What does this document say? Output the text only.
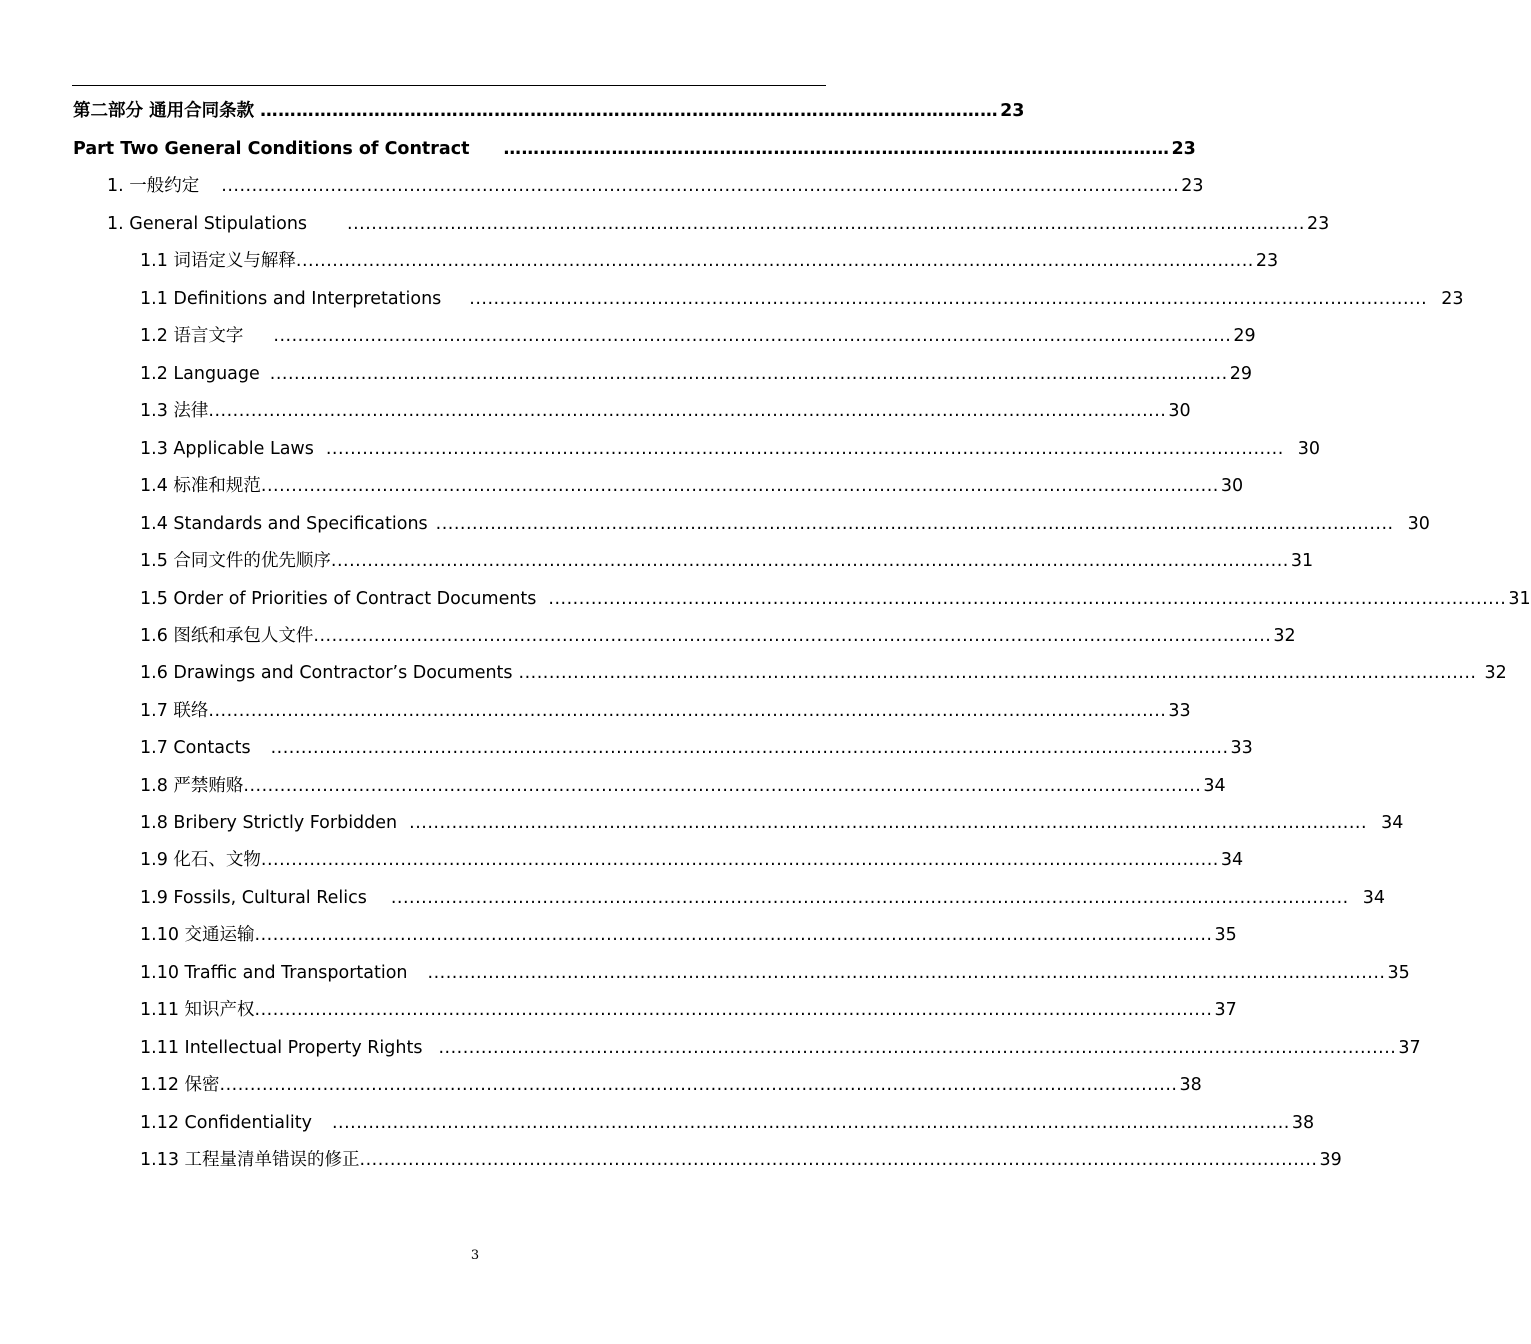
第二部分 通用合同条款 …………………………………………………………………………………………………………… 23
Part Two General Conditions of Contract	………………………………………………………………………………………………… 23
1. 一般约定	.............................................................................................................................................................. 23
1. General Stipulations	.............................................................................................................................................................. 23
1.1 词语定义与解释 .............................................................................................................................................................. 23
1.1 Definitions and Interpretations	.............................................................................................................................................................. 23
1.2 语言文字	.............................................................................................................................................................. 29
1.2 Language .............................................................................................................................................................. 29
1.3 法律 .............................................................................................................................................................. 30
1.3 Applicable Laws .............................................................................................................................................................. 30
1.4 标准和规范 .............................................................................................................................................................. 30
1.4 Standards and Specifications .............................................................................................................................................................. 30
1.5 合同文件的优先顺序 .............................................................................................................................................................. 31
1.5 Order of Priorities of Contract Documents .............................................................................................................................................................. 31
1.6 图纸和承包人文件 .............................................................................................................................................................. 32
1.6 Drawings and Contractor’s Documents .............................................................................................................................................................. 32
1.7 联络 .............................................................................................................................................................. 33
1.7 Contacts	.............................................................................................................................................................. 33
1.8 严禁贿赂 .............................................................................................................................................................. 34
1.8 Bribery Strictly Forbidden .............................................................................................................................................................. 34
1.9 化石、文物 .............................................................................................................................................................. 34
1.9 Fossils, Cultural Relics	.............................................................................................................................................................. 34
1.10 交通运输 .............................................................................................................................................................. 35
1.10 Traffic and Transportation	.............................................................................................................................................................. 35
1.11 知识产权 .............................................................................................................................................................. 37
1.11 Intellectual Property Rights .............................................................................................................................................................. 37
1.12 保密 .............................................................................................................................................................. 38
1.12 Confidentiality	.............................................................................................................................................................. 38
1.13 工程量清单错误的修正 .............................................................................................................................................................. 39
3
